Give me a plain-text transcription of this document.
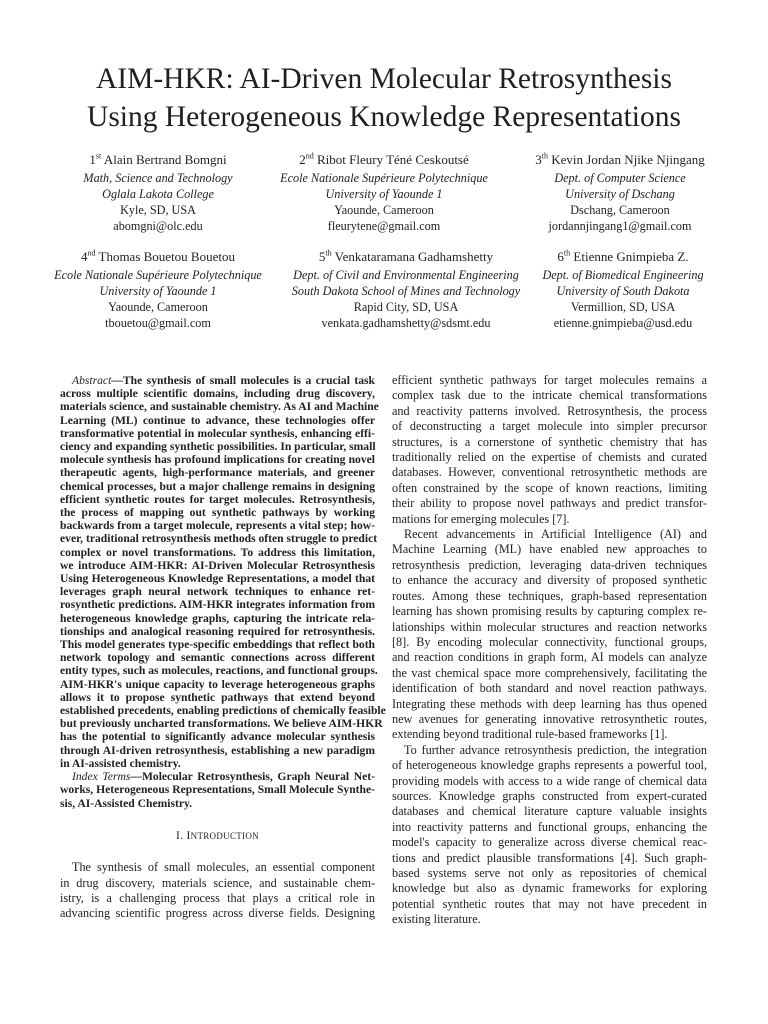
AIM-HKR: AI-Driven Molecular Retrosynthesis
Using Heterogeneous Knowledge Representations
1st Alain Bertrand Bomgni
Math, Science and Technology
Oglala Lakota College
Kyle, SD, USA
abomgni@olc.edu
2nd Ribot Fleury Téné Ceskoutsé
Ecole Nationale Supérieure Polytechnique
University of Yaounde 1
Yaounde, Cameroon
fleurytene@gmail.com
3th Kevin Jordan Njike Njingang
Dept. of Computer Science
University of Dschang
Dschang, Cameroon
jordannjingang1@gmail.com
4nd Thomas Bouetou Bouetou
Ecole Nationale Supérieure Polytechnique
University of Yaounde 1
Yaounde, Cameroon
tbouetou@gmail.com
5th Venkataramana Gadhamshetty
Dept. of Civil and Environmental Engineering
South Dakota School of Mines and Technology
Rapid City, SD, USA
venkata.gadhamshetty@sdsmt.edu
6th Etienne Gnimpieba Z.
Dept. of Biomedical Engineering
University of South Dakota
Vermillion, SD, USA
etienne.gnimpieba@usd.edu

Abstract—The synthesis of small molecules is a crucial task

across multiple scientific domains, including drug discovery,

materials science, and sustainable chemistry. As AI and Machine

Learning (ML) continue to advance, these technologies offer

transformative potential in molecular synthesis, enhancing effi-

ciency and expanding synthetic possibilities. In particular, small

molecule synthesis has profound implications for creating novel

therapeutic agents, high-performance materials, and greener

chemical processes, but a major challenge remains in designing

efficient synthetic routes for target molecules. Retrosynthesis,

the process of mapping out synthetic pathways by working

backwards from a target molecule, represents a vital step; how-

ever, traditional retrosynthesis methods often struggle to predict

complex or novel transformations. To address this limitation,

we introduce AIM-HKR: AI-Driven Molecular Retrosynthesis

Using Heterogeneous Knowledge Representations, a model that

leverages graph neural network techniques to enhance ret-

rosynthetic predictions. AIM-HKR integrates information from

heterogeneous knowledge graphs, capturing the intricate rela-

tionships and analogical reasoning required for retrosynthesis.

This model generates type-specific embeddings that reflect both

network topology and semantic connections across different

entity types, such as molecules, reactions, and functional groups.

AIM-HKR's unique capacity to leverage heterogeneous graphs

allows it to propose synthetic pathways that extend beyond

established precedents, enabling predictions of chemically feasible

but previously uncharted transformations. We believe AIM-HKR

has the potential to significantly advance molecular synthesis

through AI-driven retrosynthesis, establishing a new paradigm

in AI-assisted chemistry.

Index Terms—Molecular Retrosynthesis, Graph Neural Net-

works, Heterogeneous Representations, Small Molecule Synthe-

sis, AI-Assisted Chemistry.

I. INTRODUCTION

The synthesis of small molecules, an essential component

in drug discovery, materials science, and sustainable chem-

istry, is a challenging process that plays a critical role in

advancing scientific progress across diverse fields. Designing

efficient synthetic pathways for target molecules remains a

complex task due to the intricate chemical transformations

and reactivity patterns involved. Retrosynthesis, the process

of deconstructing a target molecule into simpler precursor

structures, is a cornerstone of synthetic chemistry that has

traditionally relied on the expertise of chemists and curated

databases. However, conventional retrosynthetic methods are

often constrained by the scope of known reactions, limiting

their ability to propose novel pathways and predict transfor-

mations for emerging molecules [7].

Recent advancements in Artificial Intelligence (AI) and

Machine Learning (ML) have enabled new approaches to

retrosynthesis prediction, leveraging data-driven techniques

to enhance the accuracy and diversity of proposed synthetic

routes. Among these techniques, graph-based representation

learning has shown promising results by capturing complex re-

lationships within molecular structures and reaction networks

[8]. By encoding molecular connectivity, functional groups,

and reaction conditions in graph form, AI models can analyze

the vast chemical space more comprehensively, facilitating the

identification of both standard and novel reaction pathways.

Integrating these methods with deep learning has thus opened

new avenues for generating innovative retrosynthetic routes,

extending beyond traditional rule-based frameworks [1].

To further advance retrosynthesis prediction, the integration

of heterogeneous knowledge graphs represents a powerful tool,

providing models with access to a wide range of chemical data

sources. Knowledge graphs constructed from expert-curated

databases and chemical literature capture valuable insights

into reactivity patterns and functional groups, enhancing the

model's capacity to generalize across diverse chemical reac-

tions and predict plausible transformations [4]. Such graph-

based systems serve not only as repositories of chemical

knowledge but also as dynamic frameworks for exploring

potential synthetic routes that may not have precedent in

existing literature.
